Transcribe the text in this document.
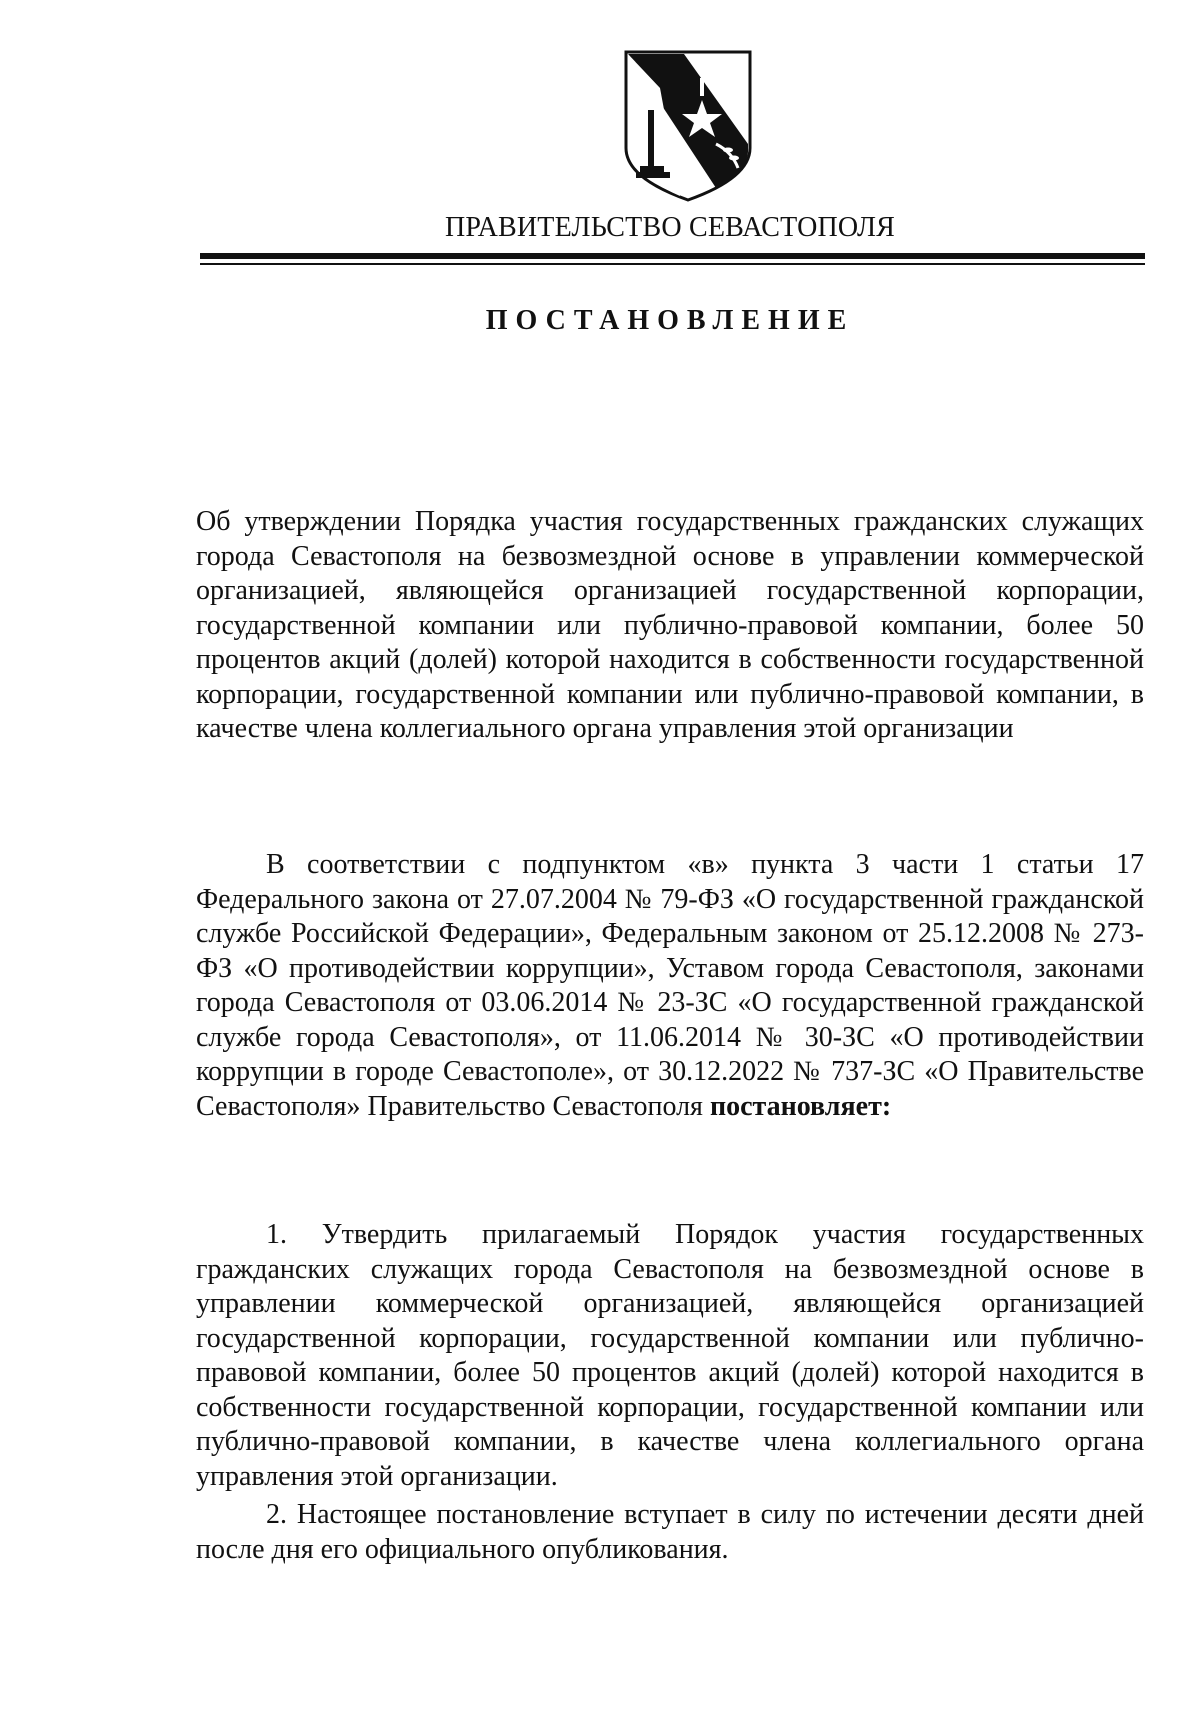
ПРАВИТЕЛЬСТВО СЕВАСТОПОЛЯ
ПОСТАНОВЛЕНИЕ
Об утверждении Порядка участия государственных гражданских служащих города Севастополя на безвозмездной основе в управлении коммерческой организацией, являющейся организацией государственной корпорации, государственной компании или публично-правовой компании, более 50 процентов акций (долей) которой находится в собственности государственной корпорации, государственной компании или публично-правовой компании, в качестве члена коллегиального органа управления этой организации

В соответствии с подпунктом «в» пункта 3 части 1 статьи 17 Федерального закона от 27.07.2004 № 79-ФЗ «О государственной гражданской службе Российской Федерации», Федеральным законом от 25.12.2008 № 273-ФЗ «О противодействии коррупции», Уставом города Севастополя, законами города Севастополя от 03.06.2014 № 23-ЗС «О государственной гражданской службе города Севастополя», от 11.06.2014 № 30-ЗС «О противодействии коррупции в городе Севастополе», от 30.12.2022 № 737-ЗС «О Правительстве Севастополя» Правительство Севастополя постановляет:

1. Утвердить прилагаемый Порядок участия государственных гражданских служащих города Севастополя на безвозмездной основе в управлении коммерческой организацией, являющейся организацией государственной корпорации, государственной компании или публично-правовой компании, более 50 процентов акций (долей) которой находится в собственности государственной корпорации, государственной компании или публично-правовой компании, в качестве члена коллегиального органа управления этой организации.

2. Настоящее постановление вступает в силу по истечении десяти дней после дня его официального опубликования.
